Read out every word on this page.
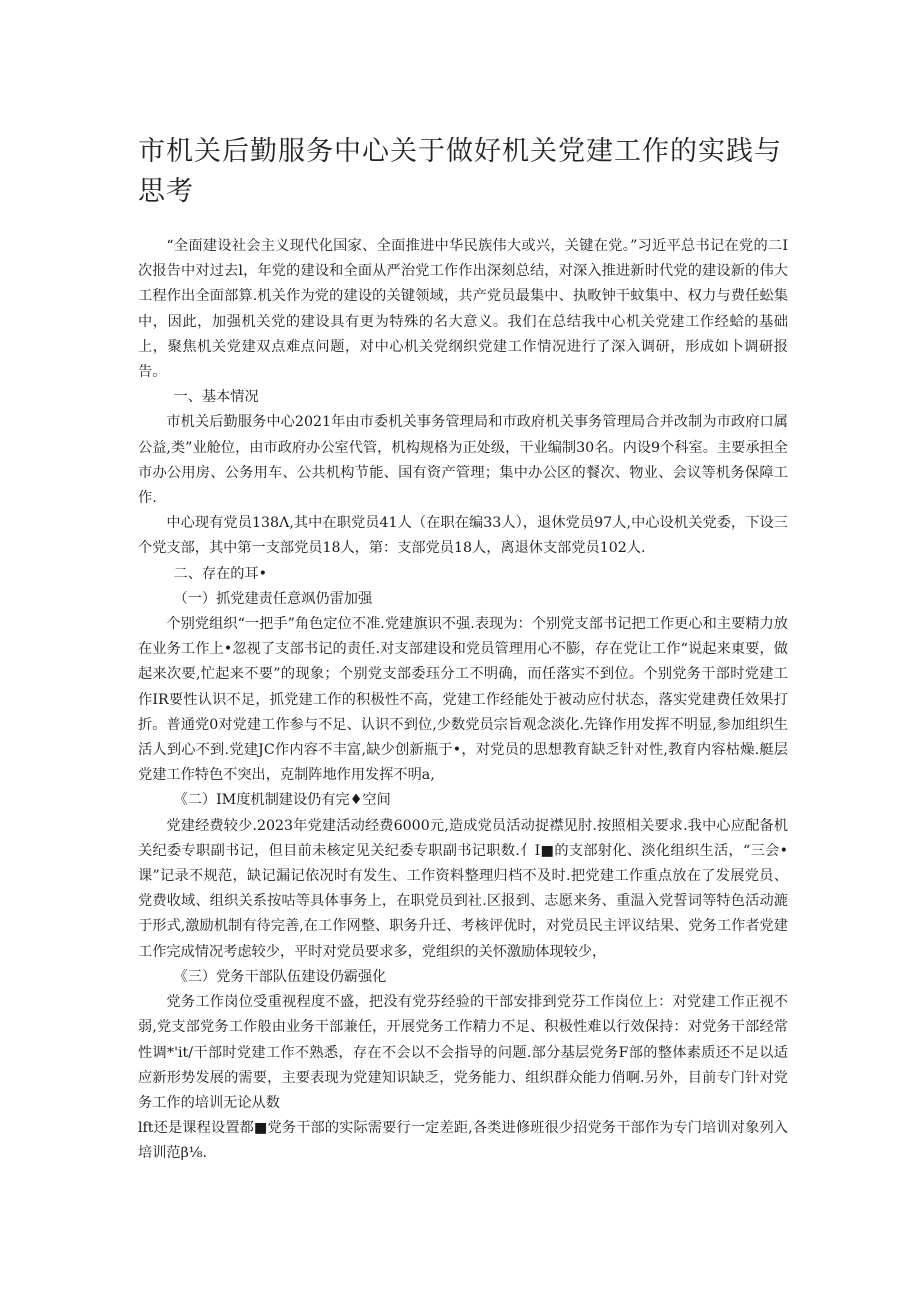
市机关后勤服务中心关于做好机关党建工作的实践与思考

“全面建设社会主义现代化国家、全面推进中华民族伟大或兴，关键在党。”习近平总书记在党的二I次报告中对过去l，年党的建设和全面从严治党工作作出深刻总结，对深入推进新时代党的建设新的伟大工程作出全面部算.机关作为党的建设的关键领域，共产党员最集中、执畋钟干蚊集中、权力与费任蚣集中，因此，加强机关党的建设具有更为特殊的名大意义。我们在总结我中心机关党建工作经蛤的基础上，聚焦机关党建双点难点问题，对中心机关党纲织党建工作情况进行了深入调研，形成如卜调研报告。

一、基本情况

市机关后勤服务中心2021年由市委机关事务管理局和市政府机关事务管理局合并改制为市政府口属公益,类”业舱位，由市政府办公室代管，机构规格为正处级，干业编制30名。内设9个科室。主要承担全市办公用房、公务用车、公共机构节能、国有资产管理；集中办公区的餐次、物业、会议等机务保障工作.

中心现有党员138Λ,其中在职党员41人（在职在编33人），退休党员97人,中心设机关党委，下设三个党支部，其中第一支部党员18人，第：支部党员18人，离退休支部党员102人.

二、存在的耳•

（一）抓党建责任意飒仍雷加强

个别党组织“一把手”角色定位不准.党建旗识不强.表现为：个别党支部书记把工作更心和主要精力放在业务工作上•忽视了支部书记的责任.对支部建设和党员管理用心不膨，存在党让工作“说起来東要，做起来次要,忙起来不要”的现象；个别党支部委珏分工不明确，而任落实不到位。个别党务干部时党建工作IR要性认识不足，抓党建工作的积极性不高，党建工作经能处于被动应付状态，落实党建费任效果打折。普通党0对党建工作参与不足、认识不到位,少数党员宗旨观念淡化.先锋作用发挥不明显,参加组织生活人到心不到.党建JC作内容不丰富,缺少创新瓶于•，对党员的思想教育缺乏针对性,教育内容枯燥.艇层党建工作特色不突出，克制阵地作用发挥不明a,

《二）IM度机制建设仍有完♦空间

党建经费较少.2023年党建活动经费6000元,造成党员活动捉襟见肘.按照相关要求.我中心应配备机关纪委专职副书记，但目前未核定见关纪委专职副书记职数.亻I■的支部射化、淡化组织生活，“三会•课”记录不规范，缺记漏记依况时有发生、工作资料整理归档不及时.把党建工作重点放在了发展党员、党费收域、组织关系按咕等具体事务上，在职党员到社.区报到、志愿来务、重温入党誓词等特色活动漉于形式,激励机制有待完善,在工作网整、职务升迁、考核评优时，对党员民主评议结果、党务工作者党建工作完成情况考虑较少，平时对党员要求多，党组织的关怀激励体现较少，

《三）党务干部队伍建设仍霸强化

党务工作岗位受重视程度不盛，把没有党芬经验的干部安排到党芬工作岗位上：对党建工作正视不弱,党支部党务工作般由业务干部兼任，开展党务工作精力不足、积极性难以行效保持：对党务干部经常性调*'it/干部时党建工作不熟悉，存在不会以不会指导的问题.部分基层党务F部的整体素质还不足以适应新形势发展的需要，主要表现为党建知识缺乏，党务能力、组织群众能力俏啊.另外，目前专门针对党务工作的培训无论从数

lft还是课程设置都■党务干部的实际需要行一定差距,各类进修班很少招党务干部作为专门培训对象列入培训范β⅛.
